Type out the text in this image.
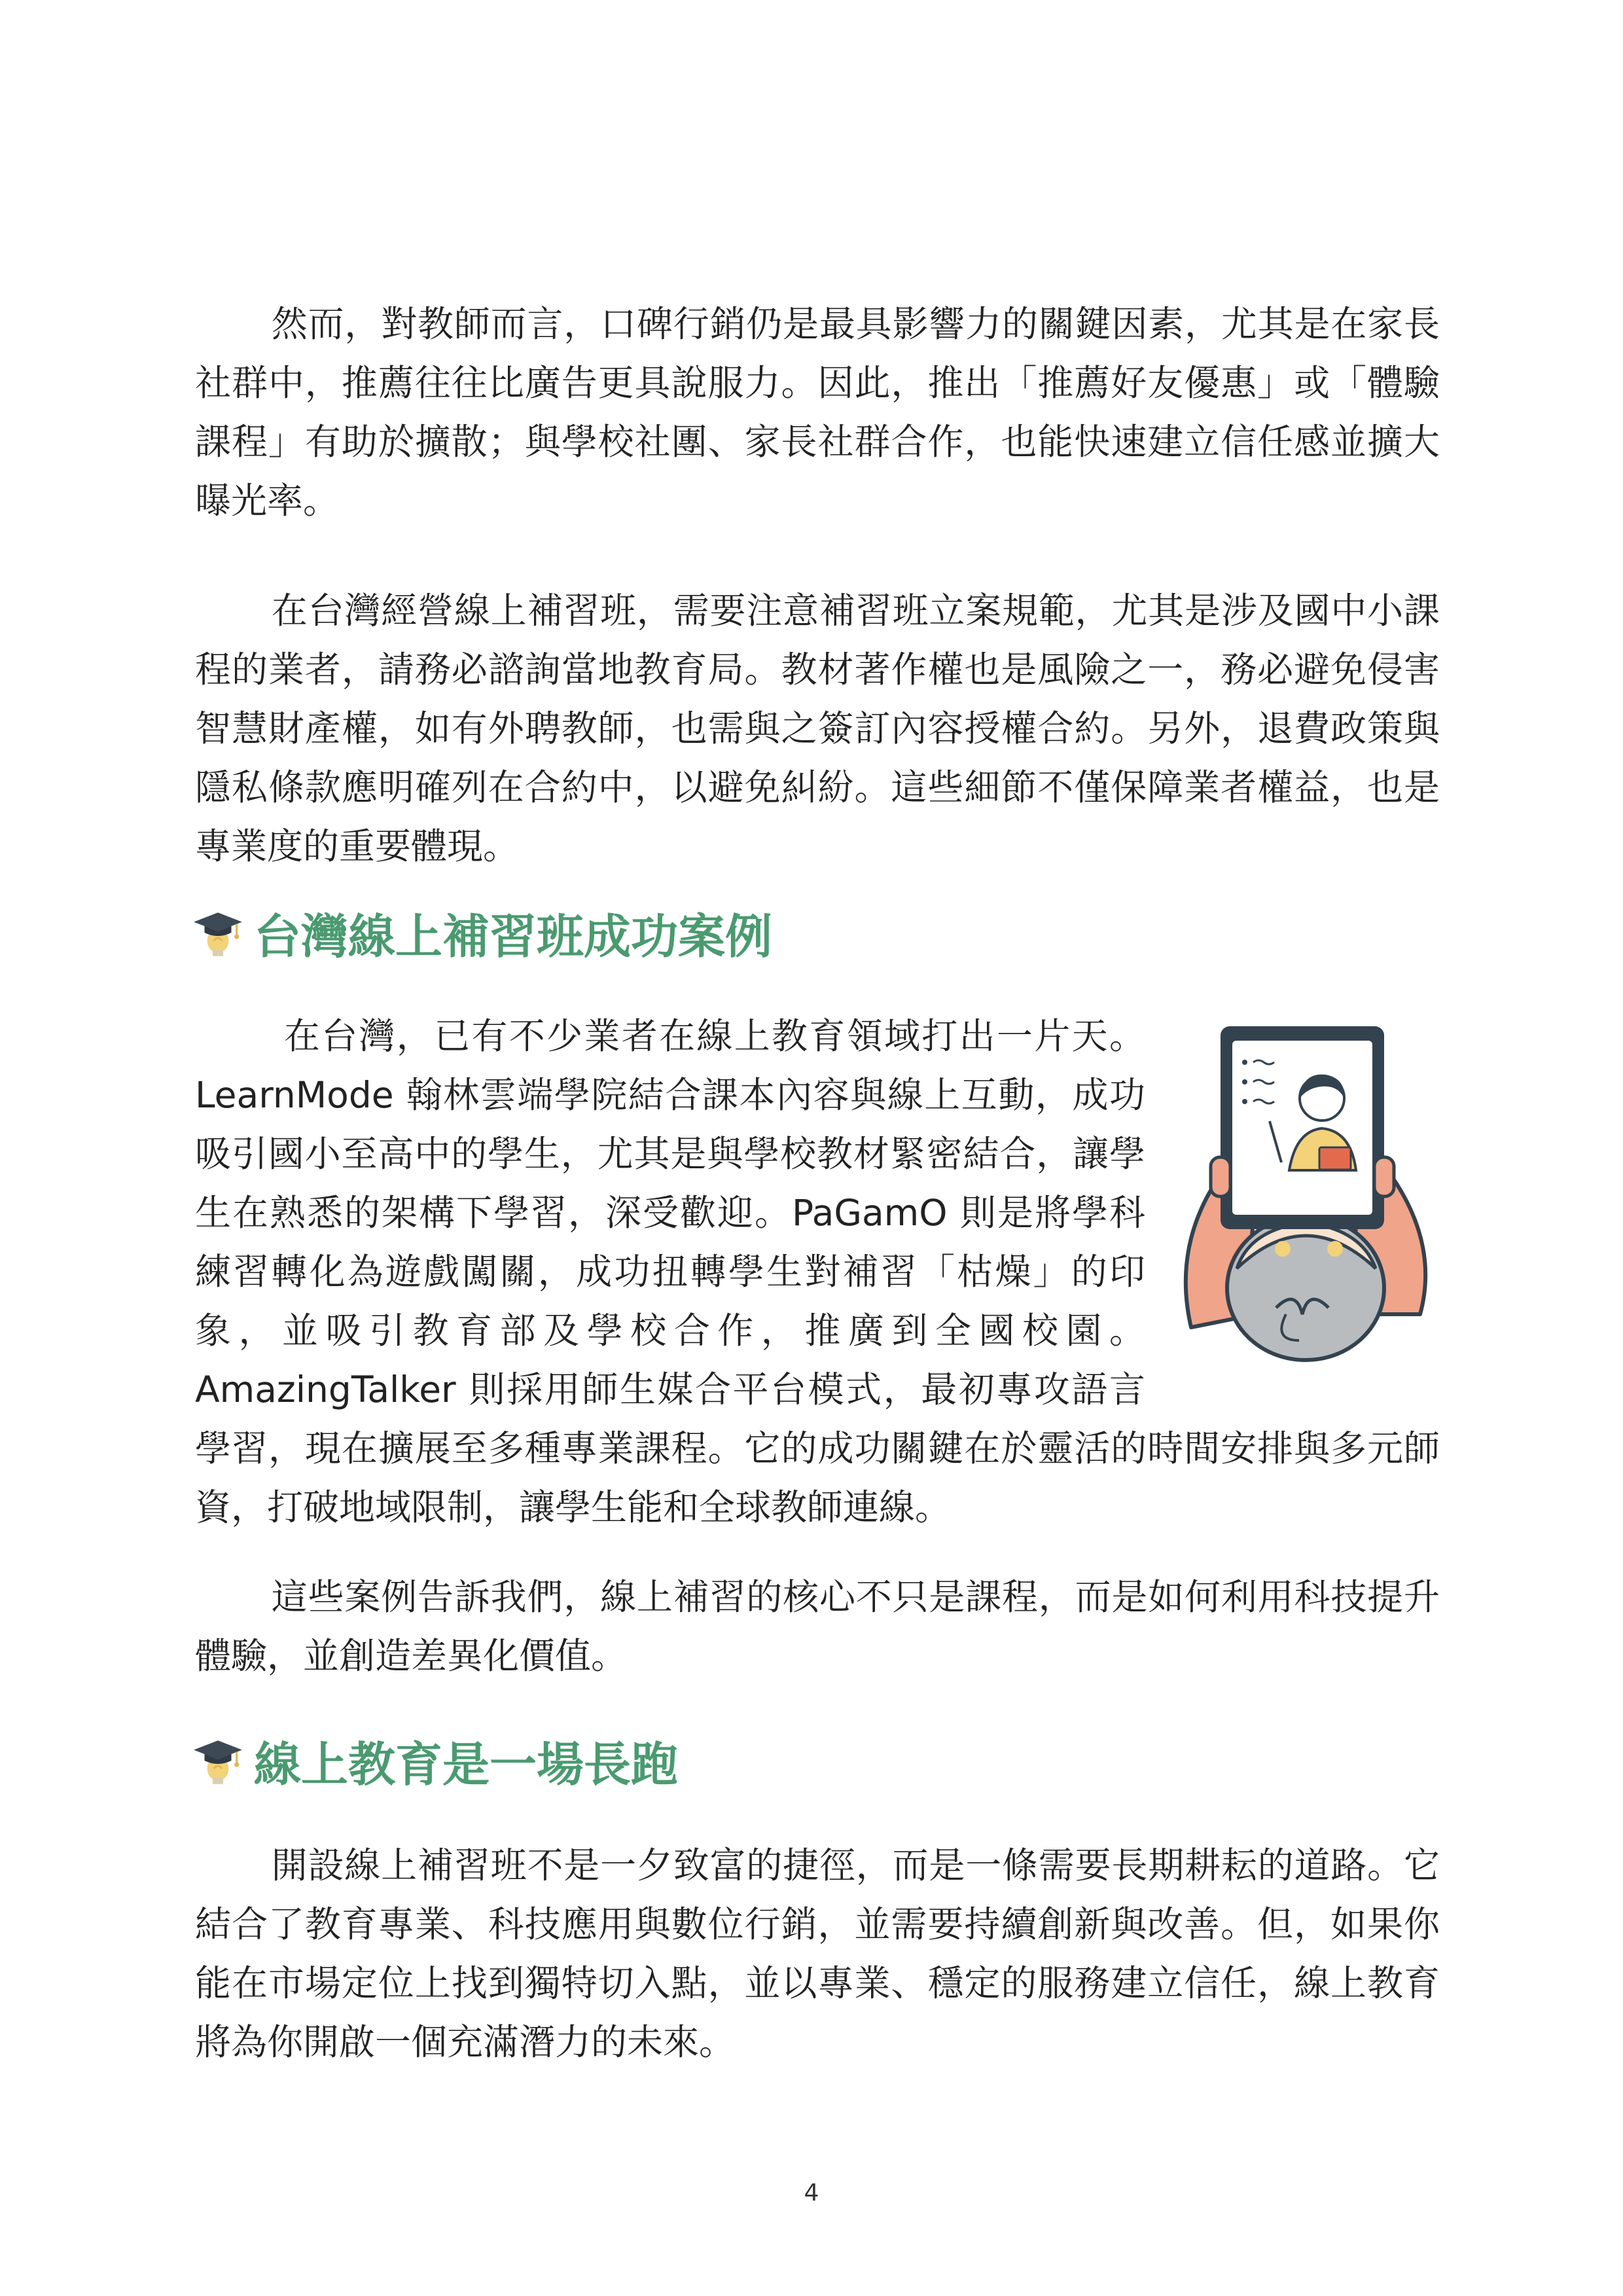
然而，對教師而言，口碑行銷仍是最具影響力的關鍵因素，尤其是在家長社群中，推薦往往比廣告更具說服力。因此，推出「推薦好友優惠」或「體驗課程」有助於擴散；與學校社團、家長社群合作，也能快速建立信任感並擴大曝光率。

在台灣經營線上補習班，需要注意補習班立案規範，尤其是涉及國中小課程的業者，請務必諮詢當地教育局。教材著作權也是風險之一，務必避免侵害智慧財產權，如有外聘教師，也需與之簽訂內容授權合約。另外，退費政策與隱私條款應明確列在合約中，以避免糾紛。這些細節不僅保障業者權益，也是專業度的重要體現。

台灣線上補習班成功案例

在台灣，已有不少業者在線上教育領域打出一片天。LearnMode 翰林雲端學院結合課本內容與線上互動，成功吸引國小至高中的學生，尤其是與學校教材緊密結合，讓學生在熟悉的架構下學習，深受歡迎。PaGamO 則是將學科練習轉化為遊戲闖關，成功扭轉學生對補習「枯燥」的印象，並吸引教育部及學校合作，推廣到全國校園。AmazingTalker 則採用師生媒合平台模式，最初專攻語言學習，現在擴展至多種專業課程。它的成功關鍵在於靈活的時間安排與多元師資，打破地域限制，讓學生能和全球教師連線。

這些案例告訴我們，線上補習的核心不只是課程，而是如何利用科技提升體驗，並創造差異化價值。

線上教育是一場長跑

開設線上補習班不是一夕致富的捷徑，而是一條需要長期耕耘的道路。它結合了教育專業、科技應用與數位行銷，並需要持續創新與改善。但，如果你能在市場定位上找到獨特切入點，並以專業、穩定的服務建立信任，線上教育將為你開啟一個充滿潛力的未來。

4
